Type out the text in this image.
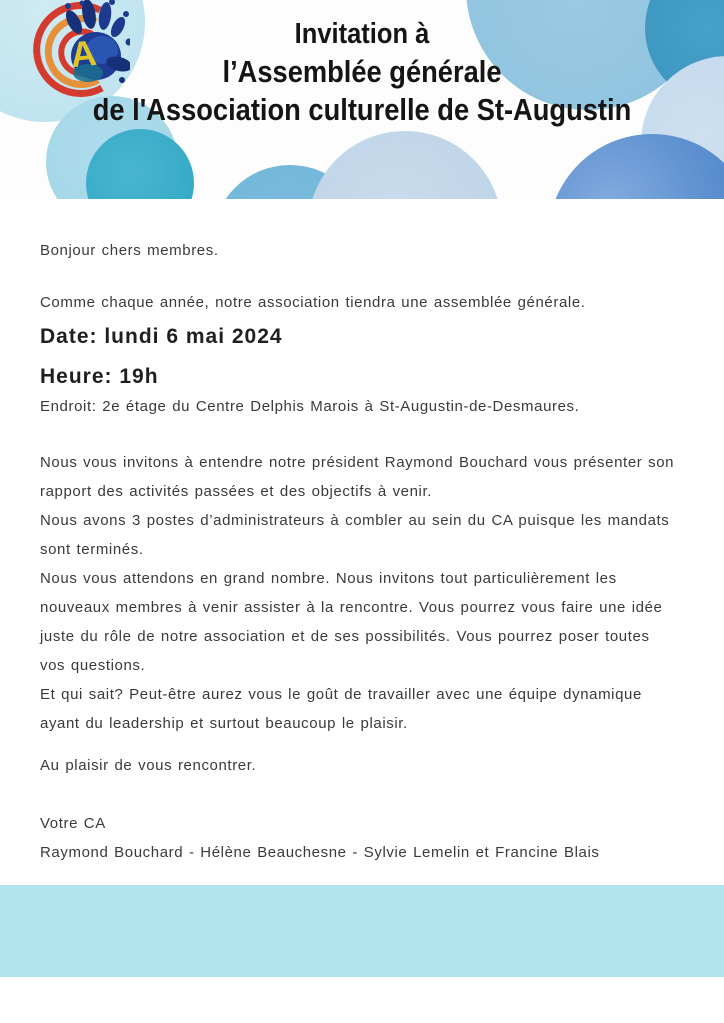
A	Invitation à
l’Assemblée générale
de l'Association culturelle de St-Augustin
Bonjour chers membres.
Comme chaque année, notre association tiendra une assemblée générale.
Date: lundi 6 mai 2024
Heure: 19h
Endroit: 2e étage du Centre Delphis Marois à St-Augustin-de-Desmaures.
Nous vous invitons à entendre notre président Raymond Bouchard vous présenter son
rapport des activités passées et des objectifs à venir.
Nous avons 3 postes d’administrateurs à combler au sein du CA puisque les mandats
sont terminés.
Nous vous attendons en grand nombre. Nous invitons tout particulièrement les
nouveaux membres à venir assister à la rencontre. Vous pourrez vous faire une idée
juste du rôle de notre association et de ses possibilités. Vous pourrez poser toutes
vos questions.
Et qui sait? Peut-être aurez vous le goût de travailler avec une équipe dynamique
ayant du leadership et surtout beaucoup le plaisir.
Au plaisir de vous rencontrer.
Votre CA
Raymond Bouchard - Hélène Beauchesne - Sylvie Lemelin et Francine Blais
